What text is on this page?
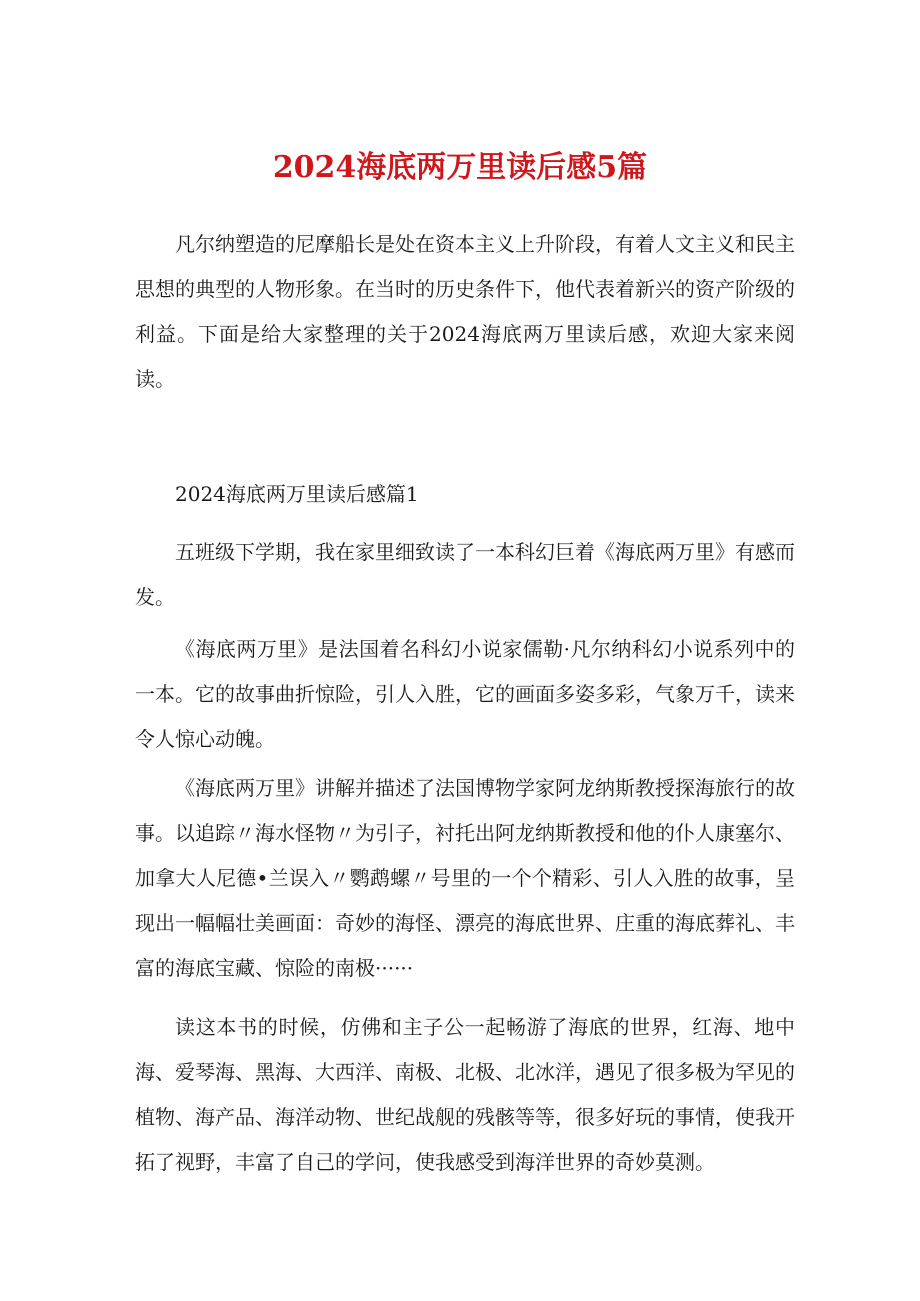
2024海底两万里读后感5篇

凡尔纳塑造的尼摩船长是处在资本主义上升阶段，有着人文主义和民主思想的典型的人物形象。在当时的历史条件下，他代表着新兴的资产阶级的利益。下面是给大家整理的关于2024海底两万里读后感，欢迎大家来阅读。

2024海底两万里读后感篇1

五班级下学期，我在家里细致读了一本科幻巨着《海底两万里》有感而发。

《海底两万里》是法国着名科幻小说家儒勒·凡尔纳科幻小说系列中的一本。它的故事曲折惊险，引人入胜，它的画面多姿多彩，气象万千，读来令人惊心动魄。

《海底两万里》讲解并描述了法国博物学家阿龙纳斯教授探海旅行的故事。以追踪〃海水怪物〃为引子，衬托出阿龙纳斯教授和他的仆人康塞尔、加拿大人尼德•兰误入〃鹦鹉螺〃号里的一个个精彩、引人入胜的故事，呈现出一幅幅壮美画面：奇妙的海怪、漂亮的海底世界、庄重的海底葬礼、丰富的海底宝藏、惊险的南极······

读这本书的时候，仿佛和主子公一起畅游了海底的世界，红海、地中海、爱琴海、黑海、大西洋、南极、北极、北冰洋，遇见了很多极为罕见的植物、海产品、海洋动物、世纪战舰的残骸等等，很多好玩的事情，使我开拓了视野，丰富了自己的学问，使我感受到海洋世界的奇妙莫测。
